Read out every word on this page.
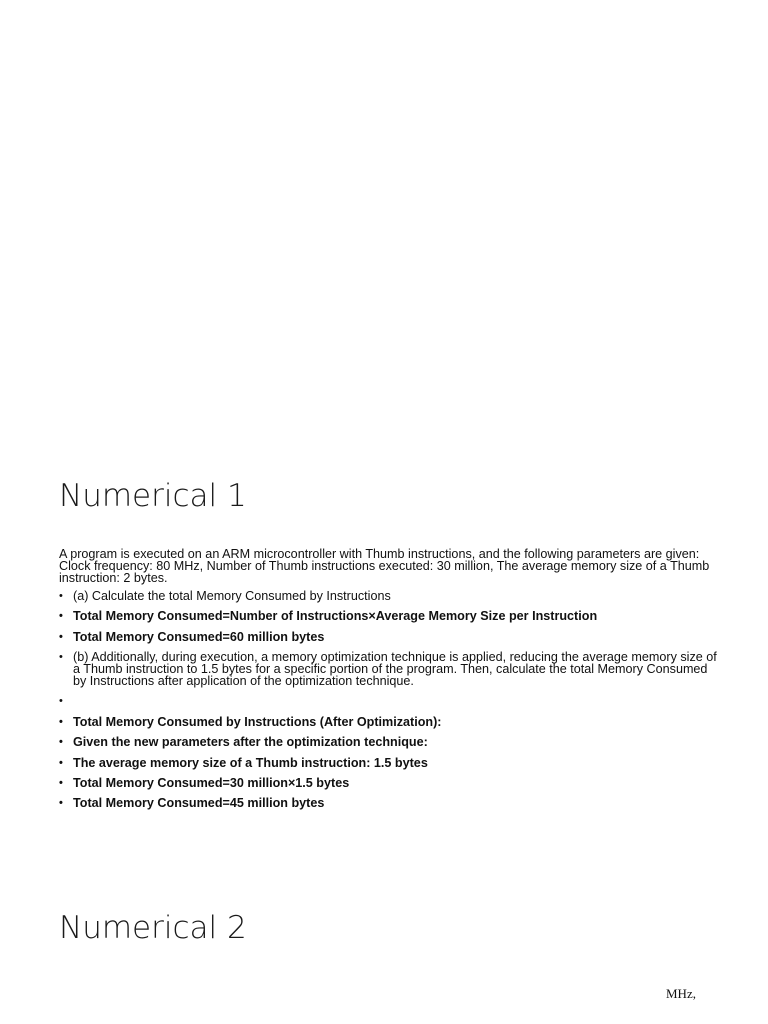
Numerical 1

A program is executed on an ARM microcontroller with Thumb instructions, and the following parameters are given: Clock frequency: 80 MHz, Number of Thumb instructions executed: 30 million, The average memory size of a Thumb instruction: 2 bytes.

• (a) Calculate the total Memory Consumed by Instructions
• Total Memory Consumed=Number of Instructions×Average Memory Size per Instruction
• Total Memory Consumed=60 million bytes
• (b) Additionally, during execution, a memory optimization technique is applied, reducing the average memory size of a Thumb instruction to 1.5 bytes for a specific portion of the program. Then, calculate the total Memory Consumed by Instructions after application of the optimization technique.
•
• Total Memory Consumed by Instructions (After Optimization):
• Given the new parameters after the optimization technique:
• The average memory size of a Thumb instruction: 1.5 bytes
• Total Memory Consumed=30 million×1.5 bytes
• Total Memory Consumed=45 million bytes
Numerical 2
MHz,
